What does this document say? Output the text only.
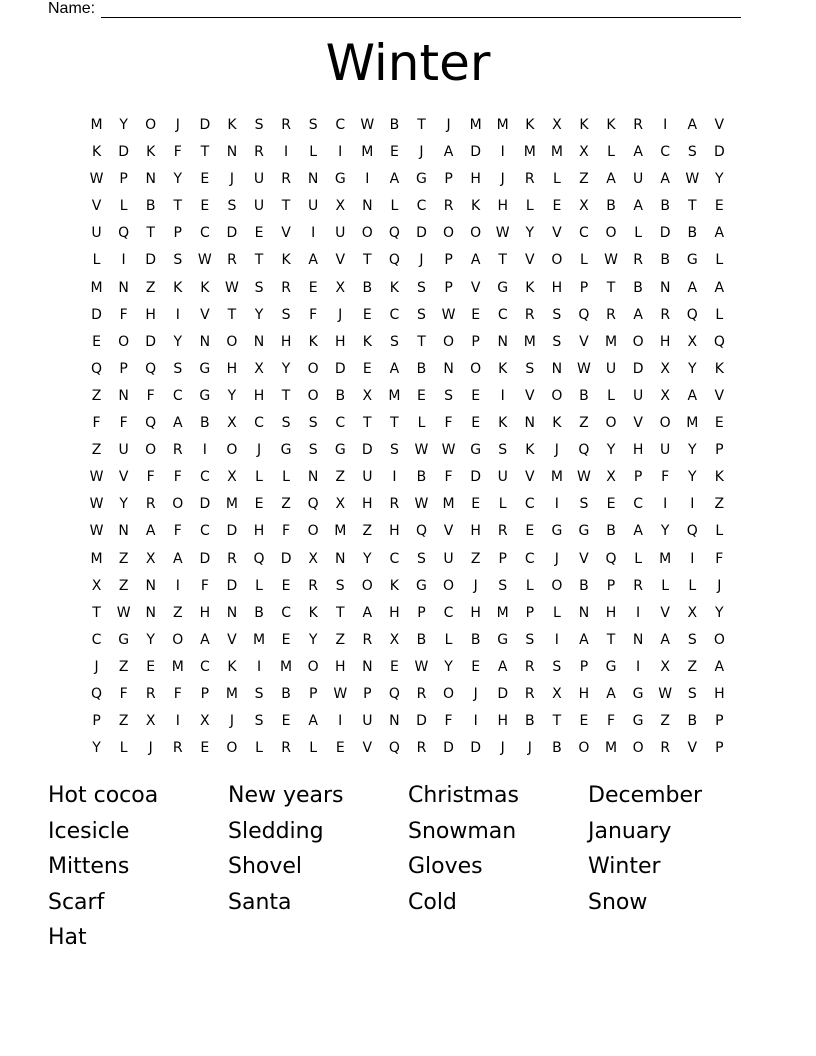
Name:
Winter
M	Y	O	J	D	K	S	R	S	C	W	B	T	J	M	M	K	X	K	K	R	I	A	V
K	D	K	F	T	N	R	I	L	I	M	E	J	A	D	I	M	M	X	L	A	C	S	D
W	P	N	Y	E	J	U	R	N	G	I	A	G	P	H	J	R	L	Z	A	U	A	W	Y
V	L	B	T	E	S	U	T	U	X	N	L	C	R	K	H	L	E	X	B	A	B	T	E
U	Q	T	P	C	D	E	V	I	U	O	Q	D	O	O	W	Y	V	C	O	L	D	B	A
L	I	D	S	W	R	T	K	A	V	T	Q	J	P	A	T	V	O	L	W	R	B	G	L
M	N	Z	K	K	W	S	R	E	X	B	K	S	P	V	G	K	H	P	T	B	N	A	A
D	F	H	I	V	T	Y	S	F	J	E	C	S	W	E	C	R	S	Q	R	A	R	Q	L
E	O	D	Y	N	O	N	H	K	H	K	S	T	O	P	N	M	S	V	M	O	H	X	Q
Q	P	Q	S	G	H	X	Y	O	D	E	A	B	N	O	K	S	N	W	U	D	X	Y	K
Z	N	F	C	G	Y	H	T	O	B	X	M	E	S	E	I	V	O	B	L	U	X	A	V
F	F	Q	A	B	X	C	S	S	C	T	T	L	F	E	K	N	K	Z	O	V	O	M	E
Z	U	O	R	I	O	J	G	S	G	D	S	W W	G	S	K	J	Q	Y	H	U	Y	P
W	V	F	F	C	X	L	L	N	Z	U	I	B	F	D	U	V	M	W	X	P	F	Y	K
W	Y	R	O	D	M	E	Z	Q	X	H	R	W	M	E	L	C	I	S	E	C	I	I	Z
W	N	A	F	C	D	H	F	O	M	Z	H	Q	V	H	R	E	G	G	B	A	Y	Q	L
M	Z	X	A	D	R	Q	D	X	N	Y	C	S	U	Z	P	C	J	V	Q	L	M	I	F
X	Z	N	I	F	D	L	E	R	S	O	K	G	O	J	S	L	O	B	P	R	L	L	J
T	W	N	Z	H	N	B	C	K	T	A	H	P	C	H	M	P	L	N	H	I	V	X	Y
C	G	Y	O	A	V	M	E	Y	Z	R	X	B	L	B	G	S	I	A	T	N	A	S	O
J	Z	E	M	C	K	I	M	O	H	N	E	W	Y	E	A	R	S	P	G	I	X	Z	A
Q	F	R	F	P	M	S	B	P	W	P	Q	R	O	J	D	R	X	H	A	G	W	S	H
P	Z	X	I	X	J	S	E	A	I	U	N	D	F	I	H	B	T	E	F	G	Z	B	P
Y	L	J	R	E	O	L	R	L	E	V	Q	R	D	D	J	J	B	O	M	O	R	V	P
Hot cocoa	New years	Christmas	December
Icesicle	Sledding	Snowman	January
Mittens	Shovel	Gloves	Winter
Scarf	Santa	Cold	Snow
Hat
